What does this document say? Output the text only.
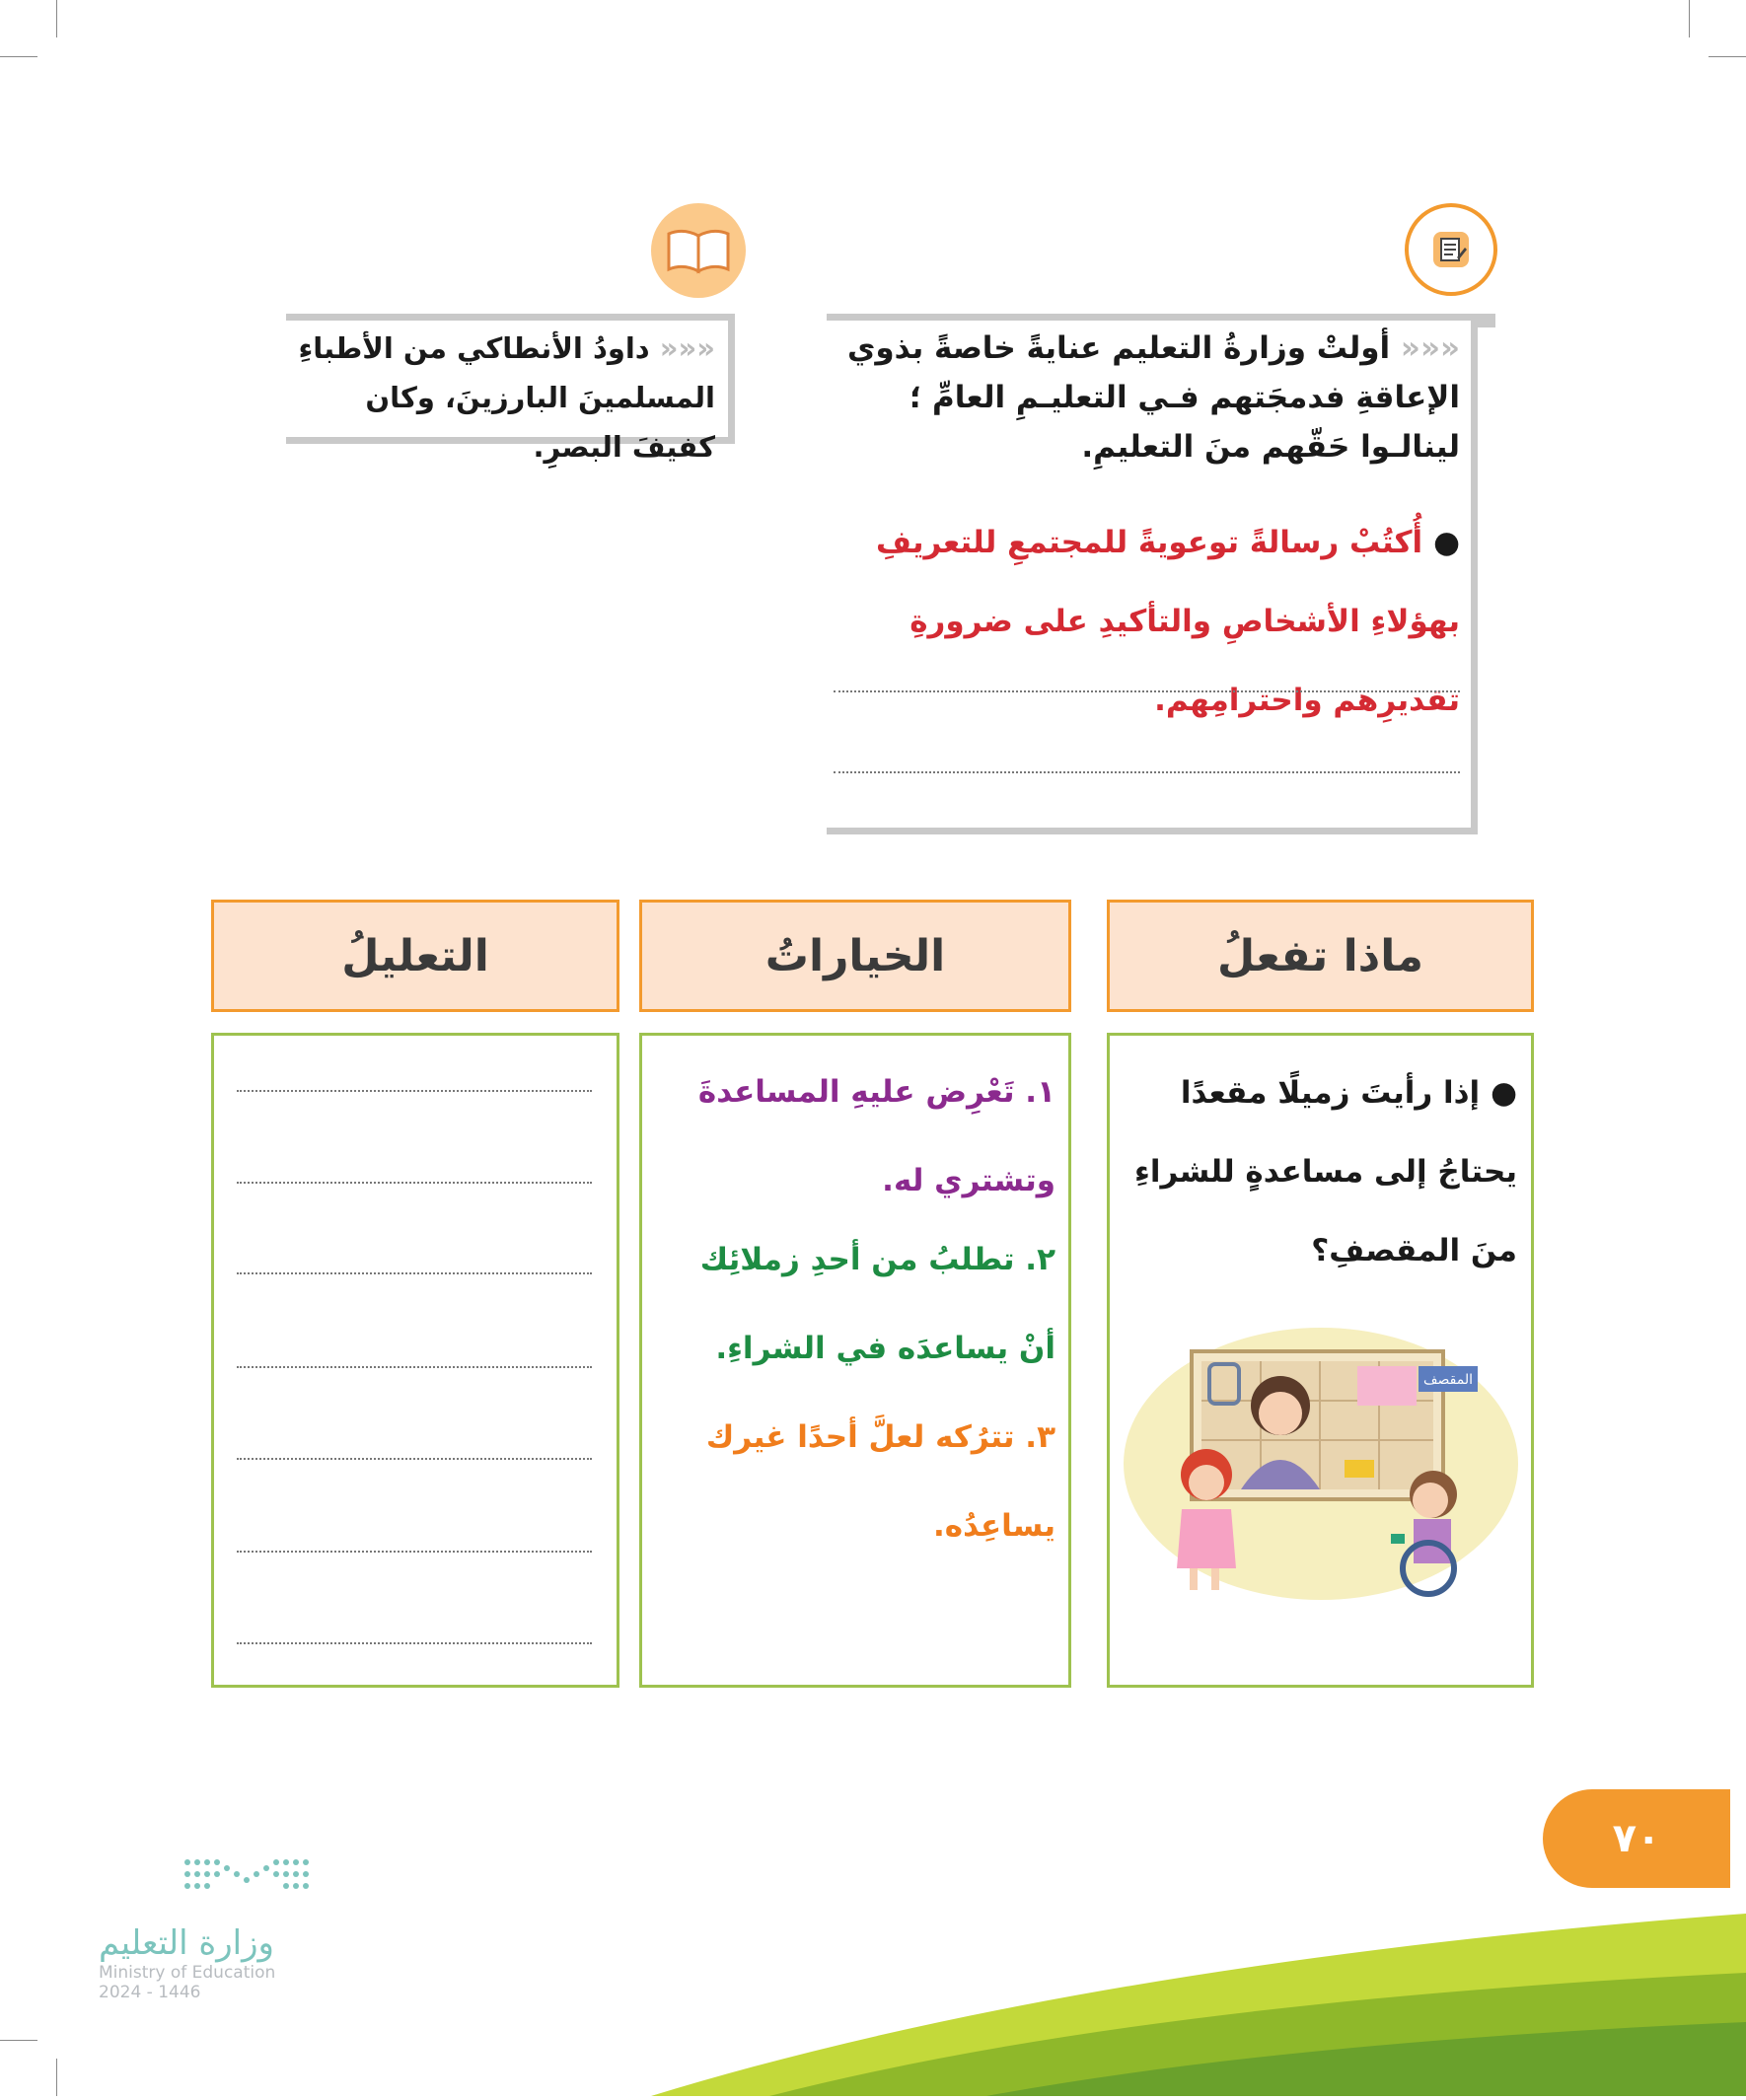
««« أولتْ وزارةُ التعليم عنايةً خاصةً بذوي الإعاقةِ فدمجَتهم فـي التعليـمِ العامِّ ؛ لينالـوا حَقّهم منَ التعليمِ.
● أُكتُبْ رسالةً توعويةً للمجتمعِ للتعريفِ بهؤلاءِ الأشخاصِ والتأكيدِ على ضرورةِ تقديرِهم واحترامِهم.
««« داودُ الأنطاكي من الأطباءِ المسلمينَ البارزينَ، وكان كفيفَ البصرِ.
ماذا تفعلُ
الخياراتُ
التعليلُ
● إذا رأيتَ زميلًا مقعدًا يحتاجُ إلى مساعدةٍ للشراءِ منَ المقصفِ؟
المقصف
١. تَعْرِض عليهِ المساعدةَ وتشتري له.
٢. تطلبُ من أحدِ زملائِك أنْ يساعدَه في الشراءِ.
٣. تترُكه لعلَّ أحدًا غيرك يساعِدُه.
٧٠
وزارة التعليم
Ministry of Education
2024 - 1446
